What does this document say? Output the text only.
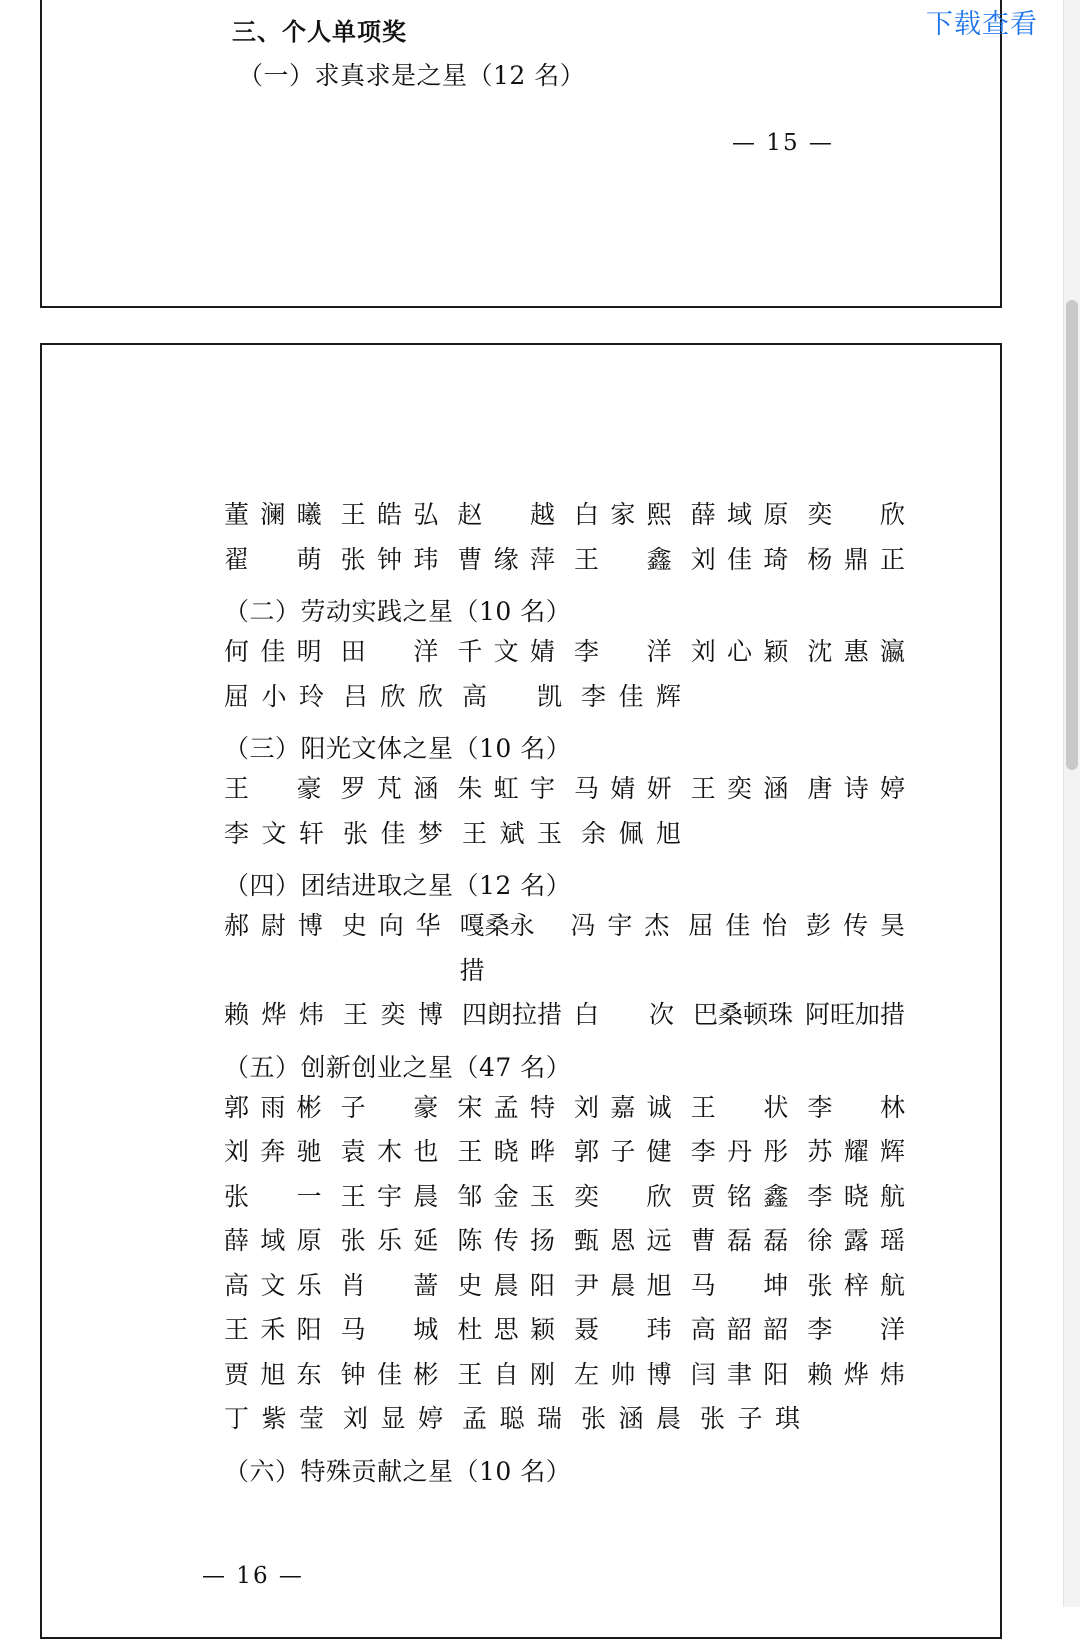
下载查看
三、个人单项奖
（一）求真求是之星（12 名）
— 15 —
董 澜 曦 王 皓 弘 赵 越 白 家 熙 薛 域 原 奕 欣
翟 萌 张 钟 玮 曹 缘 萍 王 鑫 刘 佳 琦 杨 鼎 正
（二）劳动实践之星（10 名）
何 佳 明 田 洋 千 文 婧 李 洋 刘 心 颖 沈 惠 瀛
屈 小 玲 吕 欣 欣 高 凯 李 佳 辉
（三）阳光文体之星（10 名）
王 豪 罗 芃 涵 朱 虹 宇 马 婧 妍 王 奕 涵 唐 诗 婷
李 文 轩 张 佳 梦 王 斌 玉 余 佩 旭
（四）团结进取之星（12 名）
郝 尉 博 史 向 华 嘎桑永措
冯 宇 杰 屈 佳 怡 彭 传 昊
赖 烨 炜 王 奕 博 四朗拉措 白 次 巴桑顿珠 阿旺加措
（五）创新创业之星（47 名）
郭 雨 彬 子 豪 宋 孟 特 刘 嘉 诚 王 状 李 林
刘 奔 驰 袁 木 也 王 晓 晔 郭 子 健 李 丹 彤 苏 耀 辉
张 一 王 宇 晨 邹 金 玉 奕 欣 贾 铭 鑫 李 晓 航
薛 域 原 张 乐 延 陈 传 扬 甄 恩 远 曹 磊 磊 徐 露 瑶
高 文 乐 肖 蔷 史 晨 阳 尹 晨 旭 马 坤 张 梓 航
王 禾 阳 马 城 杜 思 颖 聂 玮 高 韶 韶 李 洋
贾 旭 东 钟 佳 彬 王 自 刚 左 帅 博 闫 聿 阳 赖 烨 炜
丁 紫 莹 刘 显 婷 孟 聪 瑞 张 涵 晨 张 子 琪
（六）特殊贡献之星（10 名）
— 16 —
